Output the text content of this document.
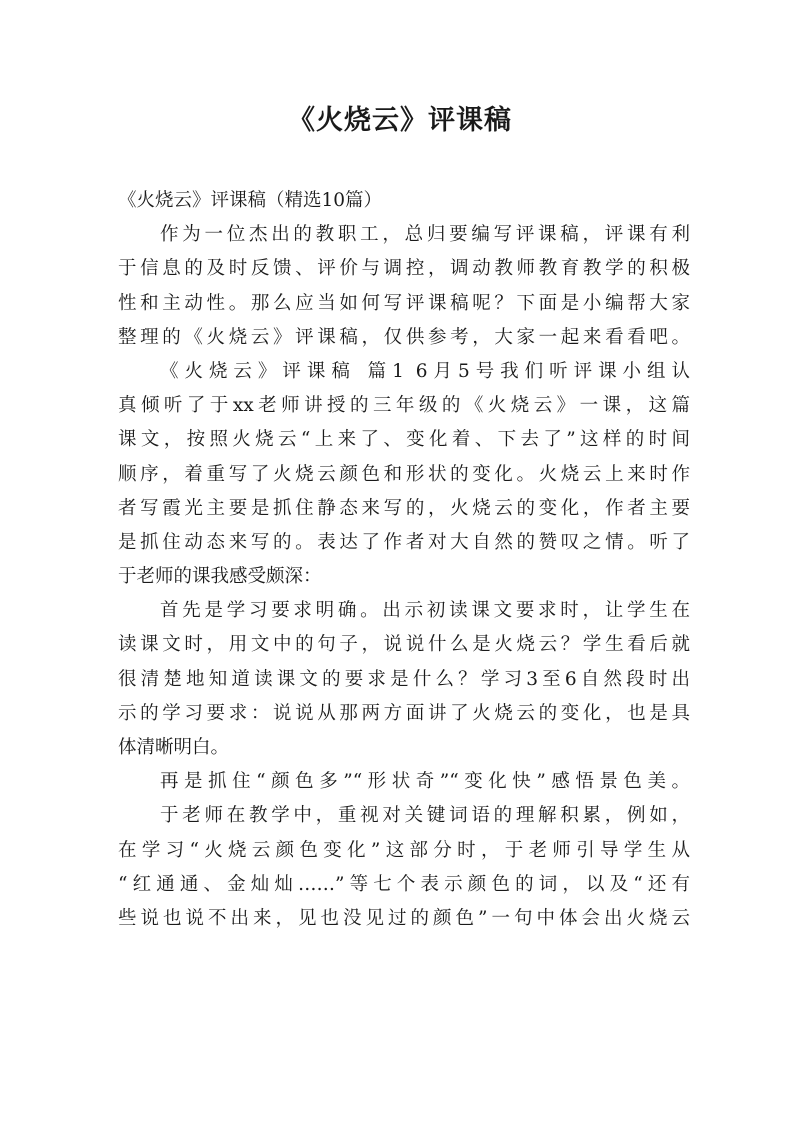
《火烧云》评课稿
《火烧云》评课稿（精选10篇）
作为一位杰出的教职工，总归要编写评课稿，评课有利
于信息的及时反馈、评价与调控，调动教师教育教学的积极
性和主动性。那么应当如何写评课稿呢？下面是小编帮大家
整理的《火烧云》评课稿，仅供参考，大家一起来看看吧。
《火烧云》评课稿 篇1 6月5号我们听评课小组认
真倾听了于xx老师讲授的三年级的《火烧云》一课，这篇
课文，按照火烧云“上来了、变化着、下去了”这样的时间
顺序，着重写了火烧云颜色和形状的变化。火烧云上来时作
者写霞光主要是抓住静态来写的，火烧云的变化，作者主要
是抓住动态来写的。表达了作者对大自然的赞叹之情。听了
于老师的课我感受颇深：
首先是学习要求明确。出示初读课文要求时，让学生在
读课文时，用文中的句子，说说什么是火烧云？学生看后就
很清楚地知道读课文的要求是什么？学习3至6自然段时出
示的学习要求：说说从那两方面讲了火烧云的变化，也是具
体清晰明白。
再是抓住“颜色多”“形状奇”“变化快”感悟景色美。
于老师在教学中，重视对关键词语的理解积累，例如，
在学习“火烧云颜色变化”这部分时，于老师引导学生从
“红通通、金灿灿……”等七个表示颜色的词，以及“还有
些说也说不出来，见也没见过的颜色”一句中体会出火烧云
